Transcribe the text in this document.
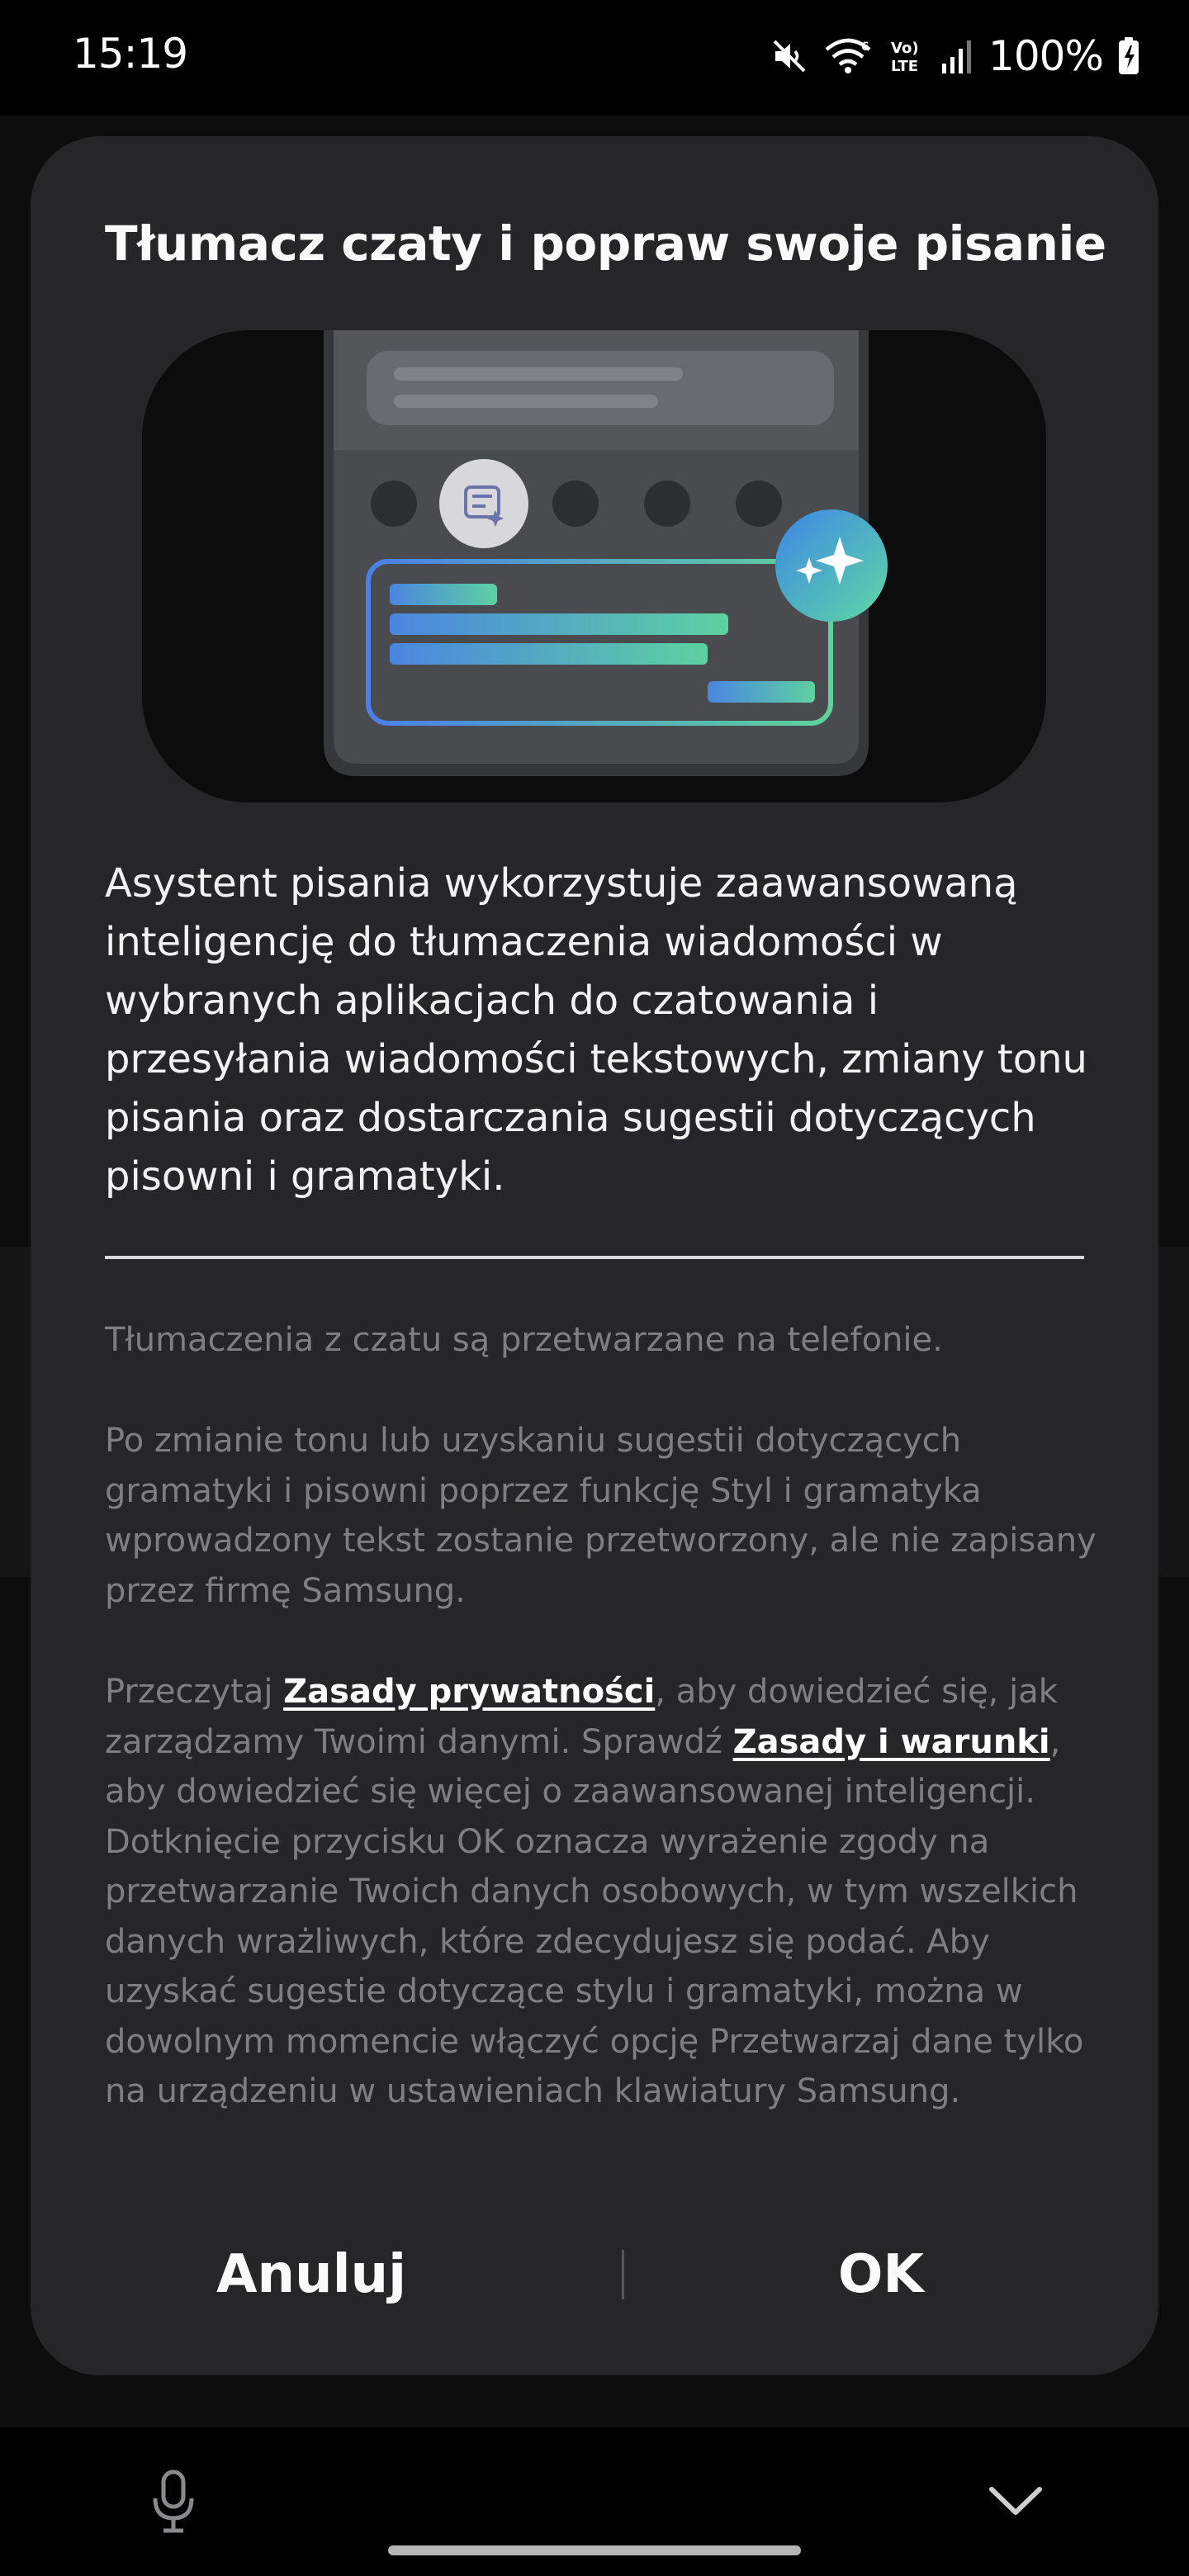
15:19	6 Vo)
LTE 100%
Tłumacz czaty i popraw swoje pisanie
Asystent pisania wykorzystuje zaawansowaną inteligencję do tłumaczenia wiadomości w wybranych aplikacjach do czatowania i przesyłania wiadomości tekstowych, zmiany tonu pisania oraz dostarczania sugestii dotyczących pisowni i gramatyki.

Tłumaczenia z czatu są przetwarzane na telefonie.

Po zmianie tonu lub uzyskaniu sugestii dotyczących gramatyki i pisowni poprzez funkcję Styl i gramatyka wprowadzony tekst zostanie przetworzony, ale nie zapisany przez firmę Samsung.

Przeczytaj Zasady prywatności, aby dowiedzieć się, jak zarządzamy Twoimi danymi. Sprawdź Zasady i warunki, aby dowiedzieć się więcej o zaawansowanej inteligencji. Dotknięcie przycisku OK oznacza wyrażenie zgody na przetwarzanie Twoich danych osobowych, w tym wszelkich danych wrażliwych, które zdecydujesz się podać. Aby uzyskać sugestie dotyczące stylu i gramatyki, można w dowolnym momencie włączyć opcję Przetwarzaj dane tylko na urządzeniu w ustawieniach klawiatury Samsung.

Anuluj	OK
